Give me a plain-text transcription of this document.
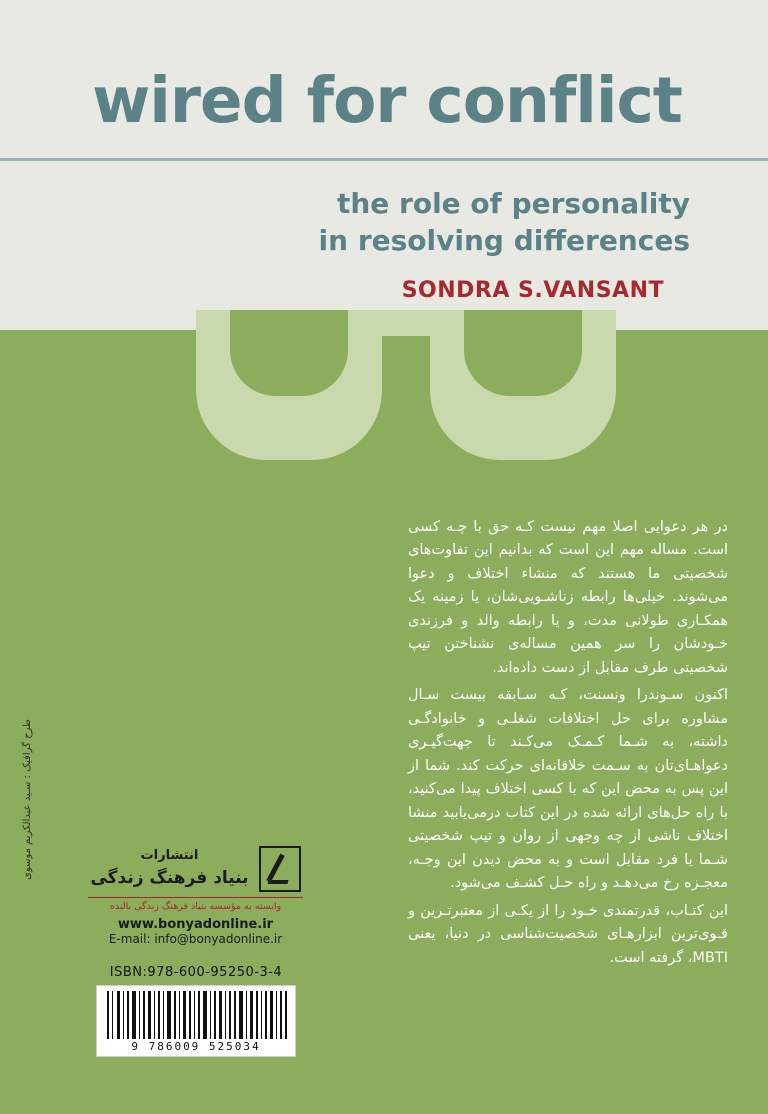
wired for conflict
the role of personality
in resolving differences
SONDRA S.VANSANT

در هر دعوایی اصلا مهم نیست کـه حق با چـه کسی است. مساله مهم این است که بدانیم این تفاوت‌های شخصیتی ما هستند که منشاء اختلاف و دعوا می‌شوند. خیلی‌ها رابطه زناشـویی‌شان، یا زمینه یک همکـاری طولانی مدت، و یا رابطه والد و فرزندی خـودشان را سر همین مساله‌ی نشناختن تیپ شخصیتی طرف مقابل از دست داده‌اند.

اکنون سـوندرا ونسنت، کـه سـابقه بیست سـال مشاوره برای حل اختلافات شغلـی و خانوادگـی داشته، به شـما کـمـک می‌کـند تا جهت‌گیـری دعواهـای‌تان به سـمت خلاقانه‌ای حرکت کند. شما از این پس به محض این که با کسی اختلاف پیدا می‌کنید، با راه حل‌های ارائه شده در این کتاب درمی‌یابید منشا اختلاف ناشی از چه وجهی از روان و تیپ شخصیتی شـما یا فرد مقابل است و به محض دیدن این وجـه، معجـزه رخ می‌دهـد و راه حـل کشـف می‌شود.

این کتـاب، قدرتمندی خـود را از یکـی از معتبرتـرین و قـوی‌ترین ابزارهـای شخصیت‌شناسی در دنیا، یعنی MBTI، گرفته است.

انتشارات
بنیاد فرهنگ زندگی
وابسته به مؤسسه بنیاد فرهنگ زندگی بالنده
www.bonyadonline.ir
E-mail: info@bonyadonline.ir
ISBN:978-600-95250-3-4
9 786009 525034
طرح گرافیک : سـید عبدالکریم موسوی
